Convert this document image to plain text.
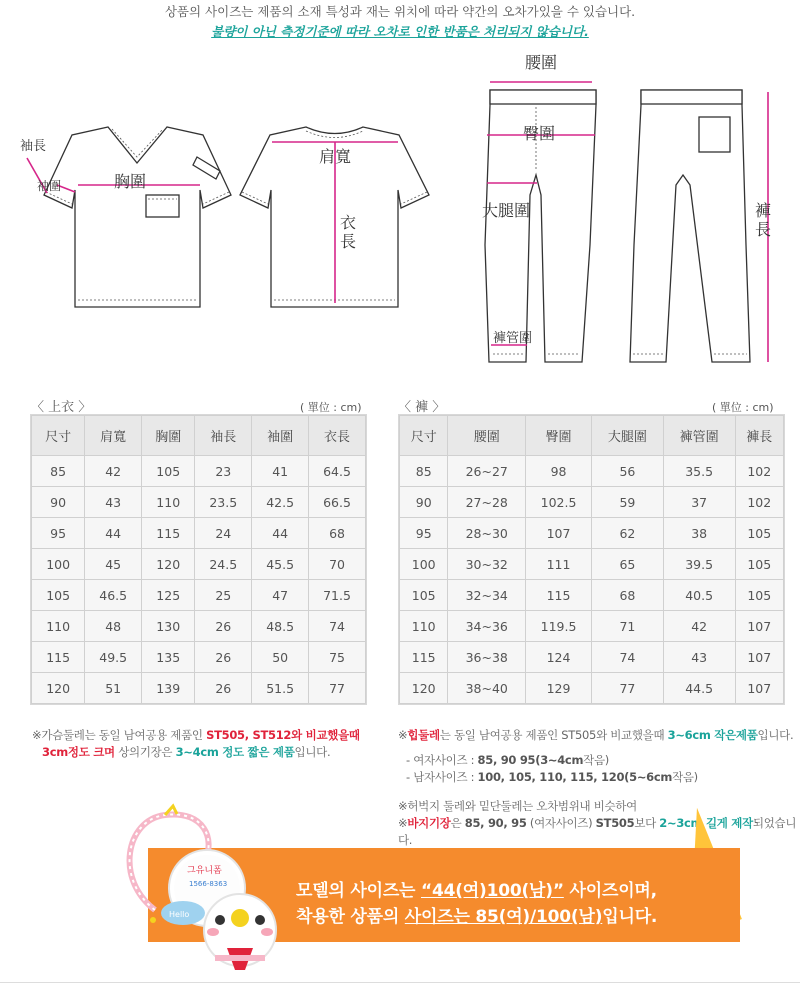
상품의 사이즈는 제품의 소재 특성과 재는 위치에 따라 약간의 오차가있을 수 있습니다.
불량이 아닌 측정기준에 따라 오차로 인한 반품은 처리되지 않습니다.
袖長
袖圍	胸圍
肩寬
衣
長
腰圍
臀圍
大腿圍
褲管圍
褲
長
〈 上衣 〉	( 單位 : cm)
尺寸	肩寬	胸圍	袖長	袖圍	衣長
85	42	105	23	41	64.5
90	43	110	23.5	42.5	66.5
95	44	115	24	44	68
100	45	120	24.5	45.5	70
105	46.5	125	25	47	71.5
110	48	130	26	48.5	74
115	49.5	135	26	50	75
120	51	139	26	51.5	77
〈 褲 〉	( 單位 : cm)
尺寸	腰圍	臀圍	大腿圍	褲管圍	褲長
85	26~27	98	56	35.5	102
90	27~28	102.5	59	37	102
95	28~30	107	62	38	105
100	30~32	111	65	39.5	105
105	32~34	115	68	40.5	105
110	34~36	119.5	71	42	107
115	36~38	124	74	43	107
120	38~40	129	77	44.5	107
※가슴둘레는 동일 남여공용 제품인 ST505, ST512와 비교했을때
3cm정도 크며 상의기장은 3~4cm 정도 짧은 제품입니다.
※힙둘레는 동일 남여공용 제품인 ST505와 비교했을때 3~6cm 작은제품입니다.
- 여자사이즈 : 85, 90 95(3~4cm작음)
- 남자사이즈 : 100, 105, 110, 115, 120(5~6cm작음)
※허벅지 둘레와 밑단둘레는 오차범위내 비슷하여
※바지기장은 85, 90, 95 (여자사이즈) ST505보다 2~3cm 길게 제작되었습니다.
그유니폼
1566-8363
Hello
모델의 사이즈는 “44(여)100(남)” 사이즈이며,
착용한 상품의 사이즈는 85(여)/100(남)입니다.
